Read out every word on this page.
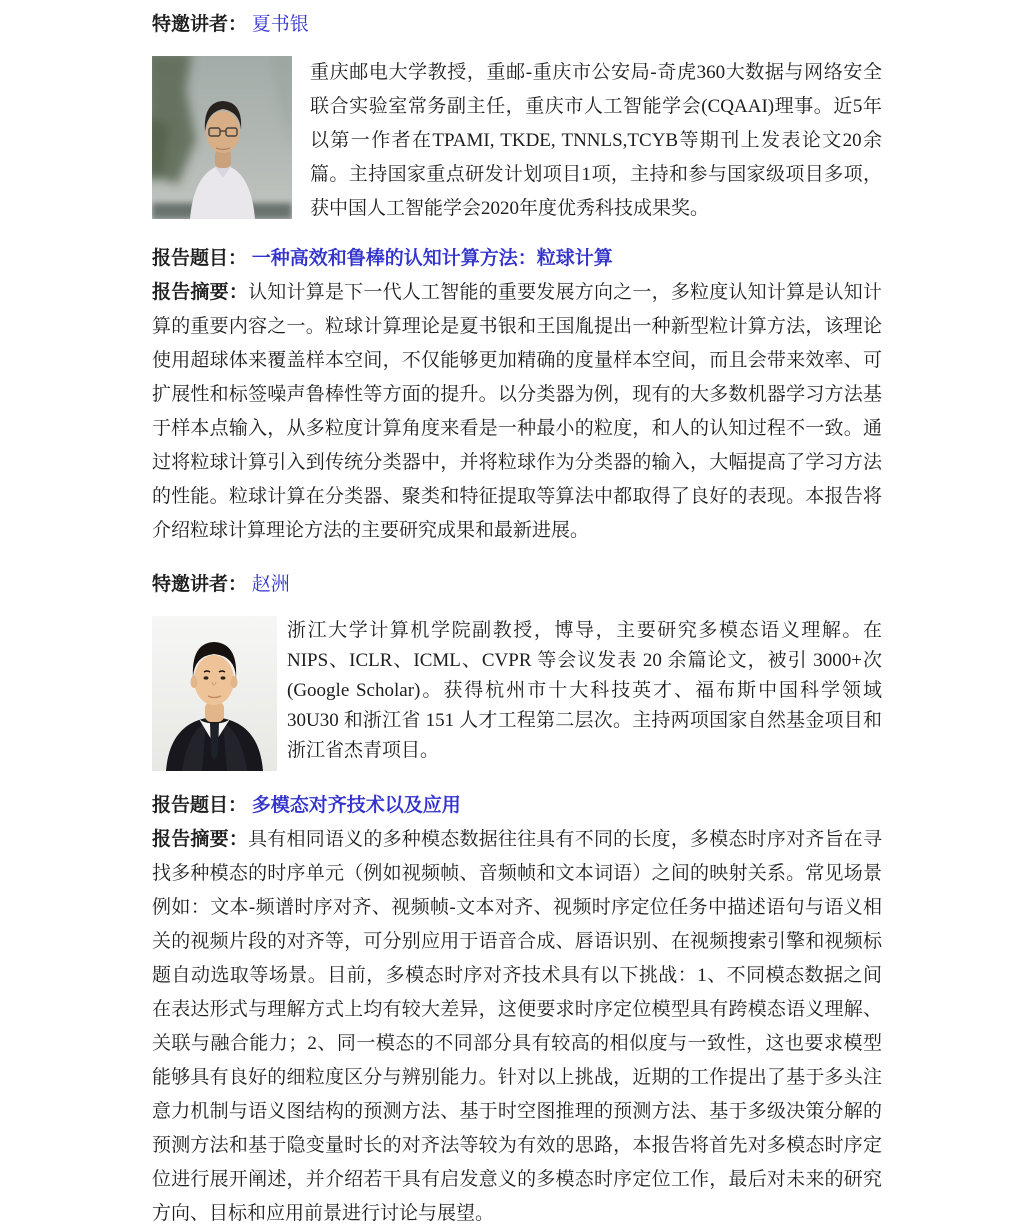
特邀讲者： 夏书银

重庆邮电大学教授，重邮-重庆市公安局-奇虎360大数据与网络安全联合实验室常务副主任，重庆市人工智能学会(CQAAI)理事。近5年以第一作者在TPAMI, TKDE, TNNLS,TCYB等期刊上发表论文20余篇。主持国家重点研发计划项目1项，主持和参与国家级项目多项，获中国人工智能学会2020年度优秀科技成果奖。

报告题目： 一种高效和鲁棒的认知计算方法：粒球计算

报告摘要：认知计算是下一代人工智能的重要发展方向之一，多粒度认知计算是认知计算的重要内容之一。粒球计算理论是夏书银和王国胤提出一种新型粒计算方法，该理论使用超球体来覆盖样本空间，不仅能够更加精确的度量样本空间，而且会带来效率、可扩展性和标签噪声鲁棒性等方面的提升。以分类器为例，现有的大多数机器学习方法基于样本点输入，从多粒度计算角度来看是一种最小的粒度，和人的认知过程不一致。通过将粒球计算引入到传统分类器中，并将粒球作为分类器的输入，大幅提高了学习方法的性能。粒球计算在分类器、聚类和特征提取等算法中都取得了良好的表现。本报告将介绍粒球计算理论方法的主要研究成果和最新进展。

特邀讲者： 赵洲

浙江大学计算机学院副教授，博导，主要研究多模态语义理解。在 NIPS、ICLR、ICML、CVPR 等会议发表 20 余篇论文，被引 3000+次(Google Scholar)。获得杭州市十大科技英才、福布斯中国科学领域 30U30 和浙江省 151 人才工程第二层次。主持两项国家自然基金项目和浙江省杰青项目。

报告题目： 多模态对齐技术以及应用

报告摘要：具有相同语义的多种模态数据往往具有不同的长度，多模态时序对齐旨在寻找多种模态的时序单元（例如视频帧、音频帧和文本词语）之间的映射关系。常见场景例如：文本-频谱时序对齐、视频帧-文本对齐、视频时序定位任务中描述语句与语义相关的视频片段的对齐等，可分别应用于语音合成、唇语识别、在视频搜索引擎和视频标题自动选取等场景。目前，多模态时序对齐技术具有以下挑战：1、不同模态数据之间在表达形式与理解方式上均有较大差异，这便要求时序定位模型具有跨模态语义理解、关联与融合能力；2、同一模态的不同部分具有较高的相似度与一致性，这也要求模型能够具有良好的细粒度区分与辨别能力。针对以上挑战，近期的工作提出了基于多头注意力机制与语义图结构的预测方法、基于时空图推理的预测方法、基于多级决策分解的预测方法和基于隐变量时长的对齐法等较为有效的思路，本报告将首先对多模态时序定位进行展开阐述，并介绍若干具有启发意义的多模态时序定位工作，最后对未来的研究方向、目标和应用前景进行讨论与展望。
